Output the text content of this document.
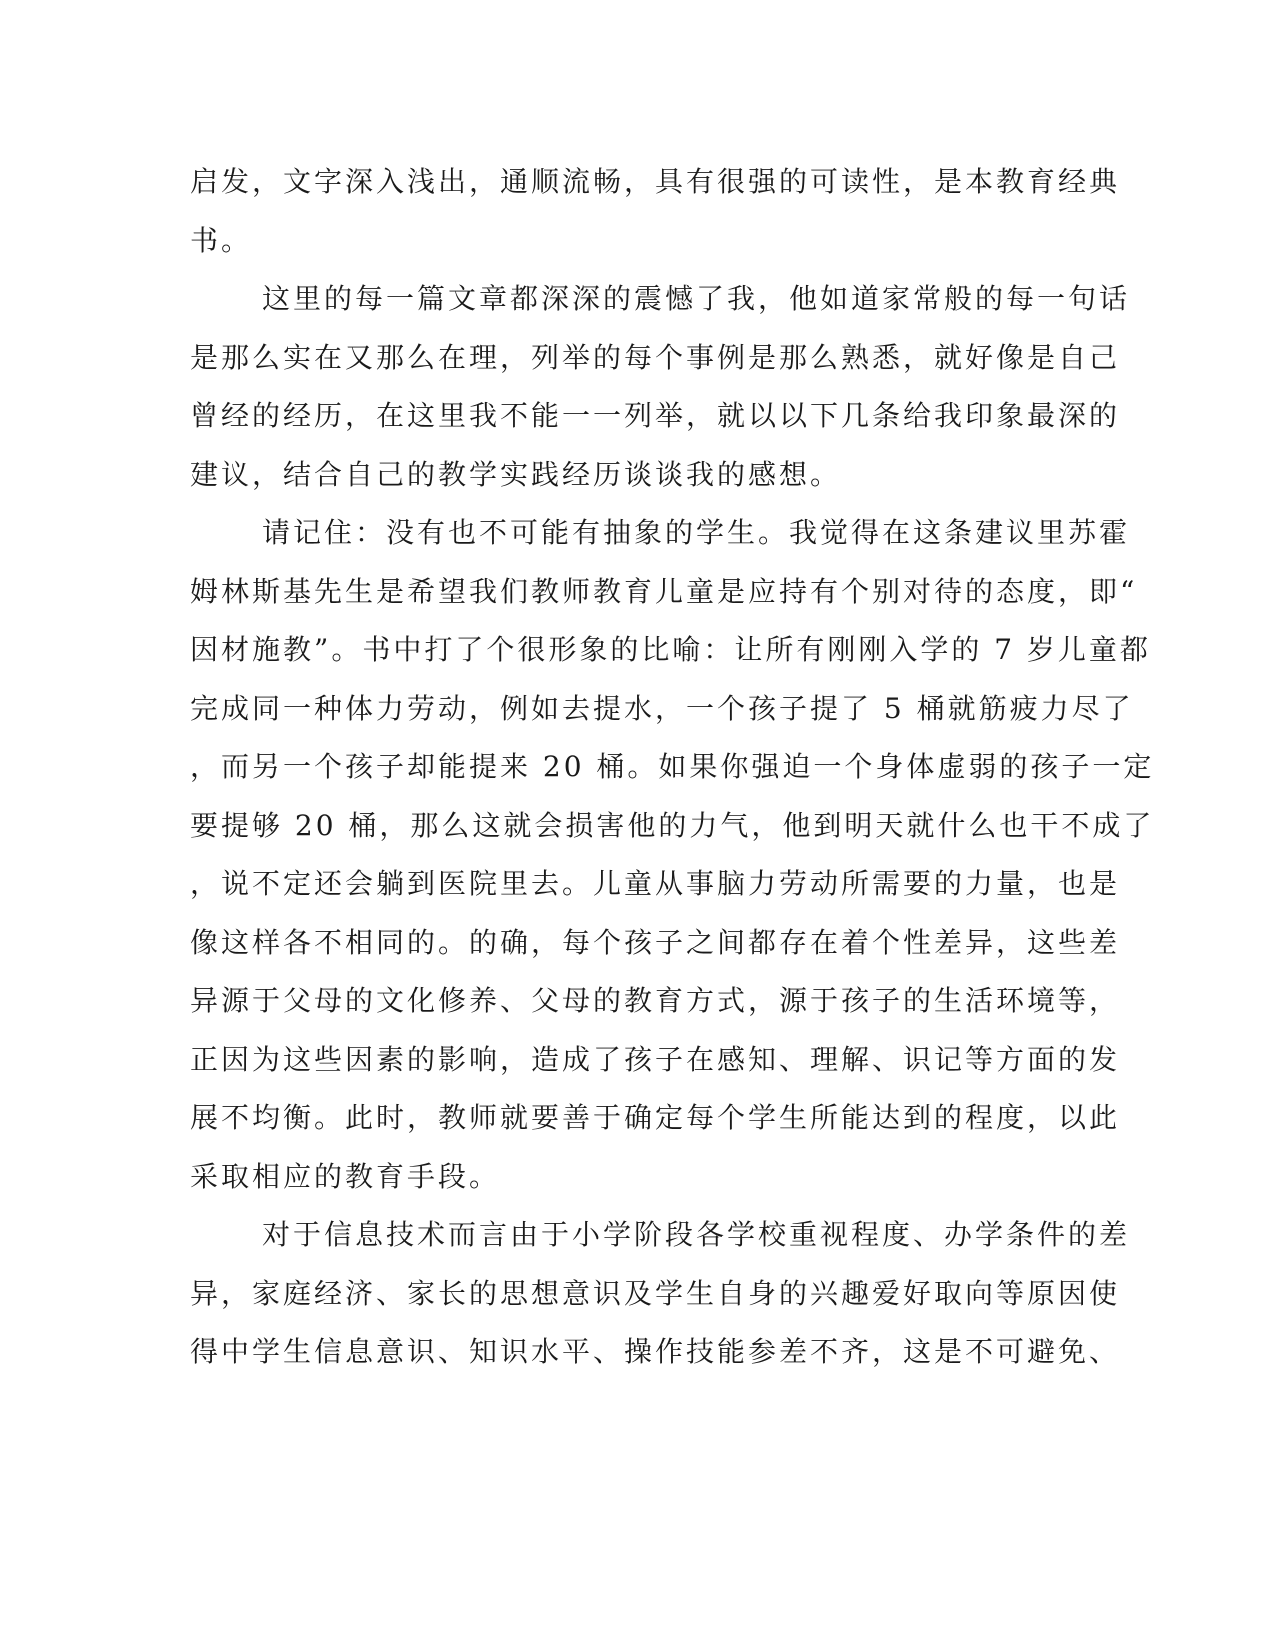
启发，文字深入浅出，通顺流畅，具有很强的可读性，是本教育经典
书。
这里的每一篇文章都深深的震憾了我，他如道家常般的每一句话
是那么实在又那么在理，列举的每个事例是那么熟悉，就好像是自己
曾经的经历，在这里我不能一一列举，就以以下几条给我印象最深的
建议，结合自己的教学实践经历谈谈我的感想。
请记住：没有也不可能有抽象的学生。我觉得在这条建议里苏霍
姆林斯基先生是希望我们教师教育儿童是应持有个别对待的态度，即“
因材施教”。书中打了个很形象的比喻：让所有刚刚入学的 7 岁儿童都
完成同一种体力劳动，例如去提水，一个孩子提了 5 桶就筋疲力尽了
，而另一个孩子却能提来 20 桶。如果你强迫一个身体虚弱的孩子一定
要提够 20 桶，那么这就会损害他的力气，他到明天就什么也干不成了
，说不定还会躺到医院里去。儿童从事脑力劳动所需要的力量，也是
像这样各不相同的。的确，每个孩子之间都存在着个性差异，这些差
异源于父母的文化修养、父母的教育方式，源于孩子的生活环境等，
正因为这些因素的影响，造成了孩子在感知、理解、识记等方面的发
展不均衡。此时，教师就要善于确定每个学生所能达到的程度，以此
采取相应的教育手段。
对于信息技术而言由于小学阶段各学校重视程度、办学条件的差
异，家庭经济、家长的思想意识及学生自身的兴趣爱好取向等原因使
得中学生信息意识、知识水平、操作技能参差不齐，这是不可避免、
